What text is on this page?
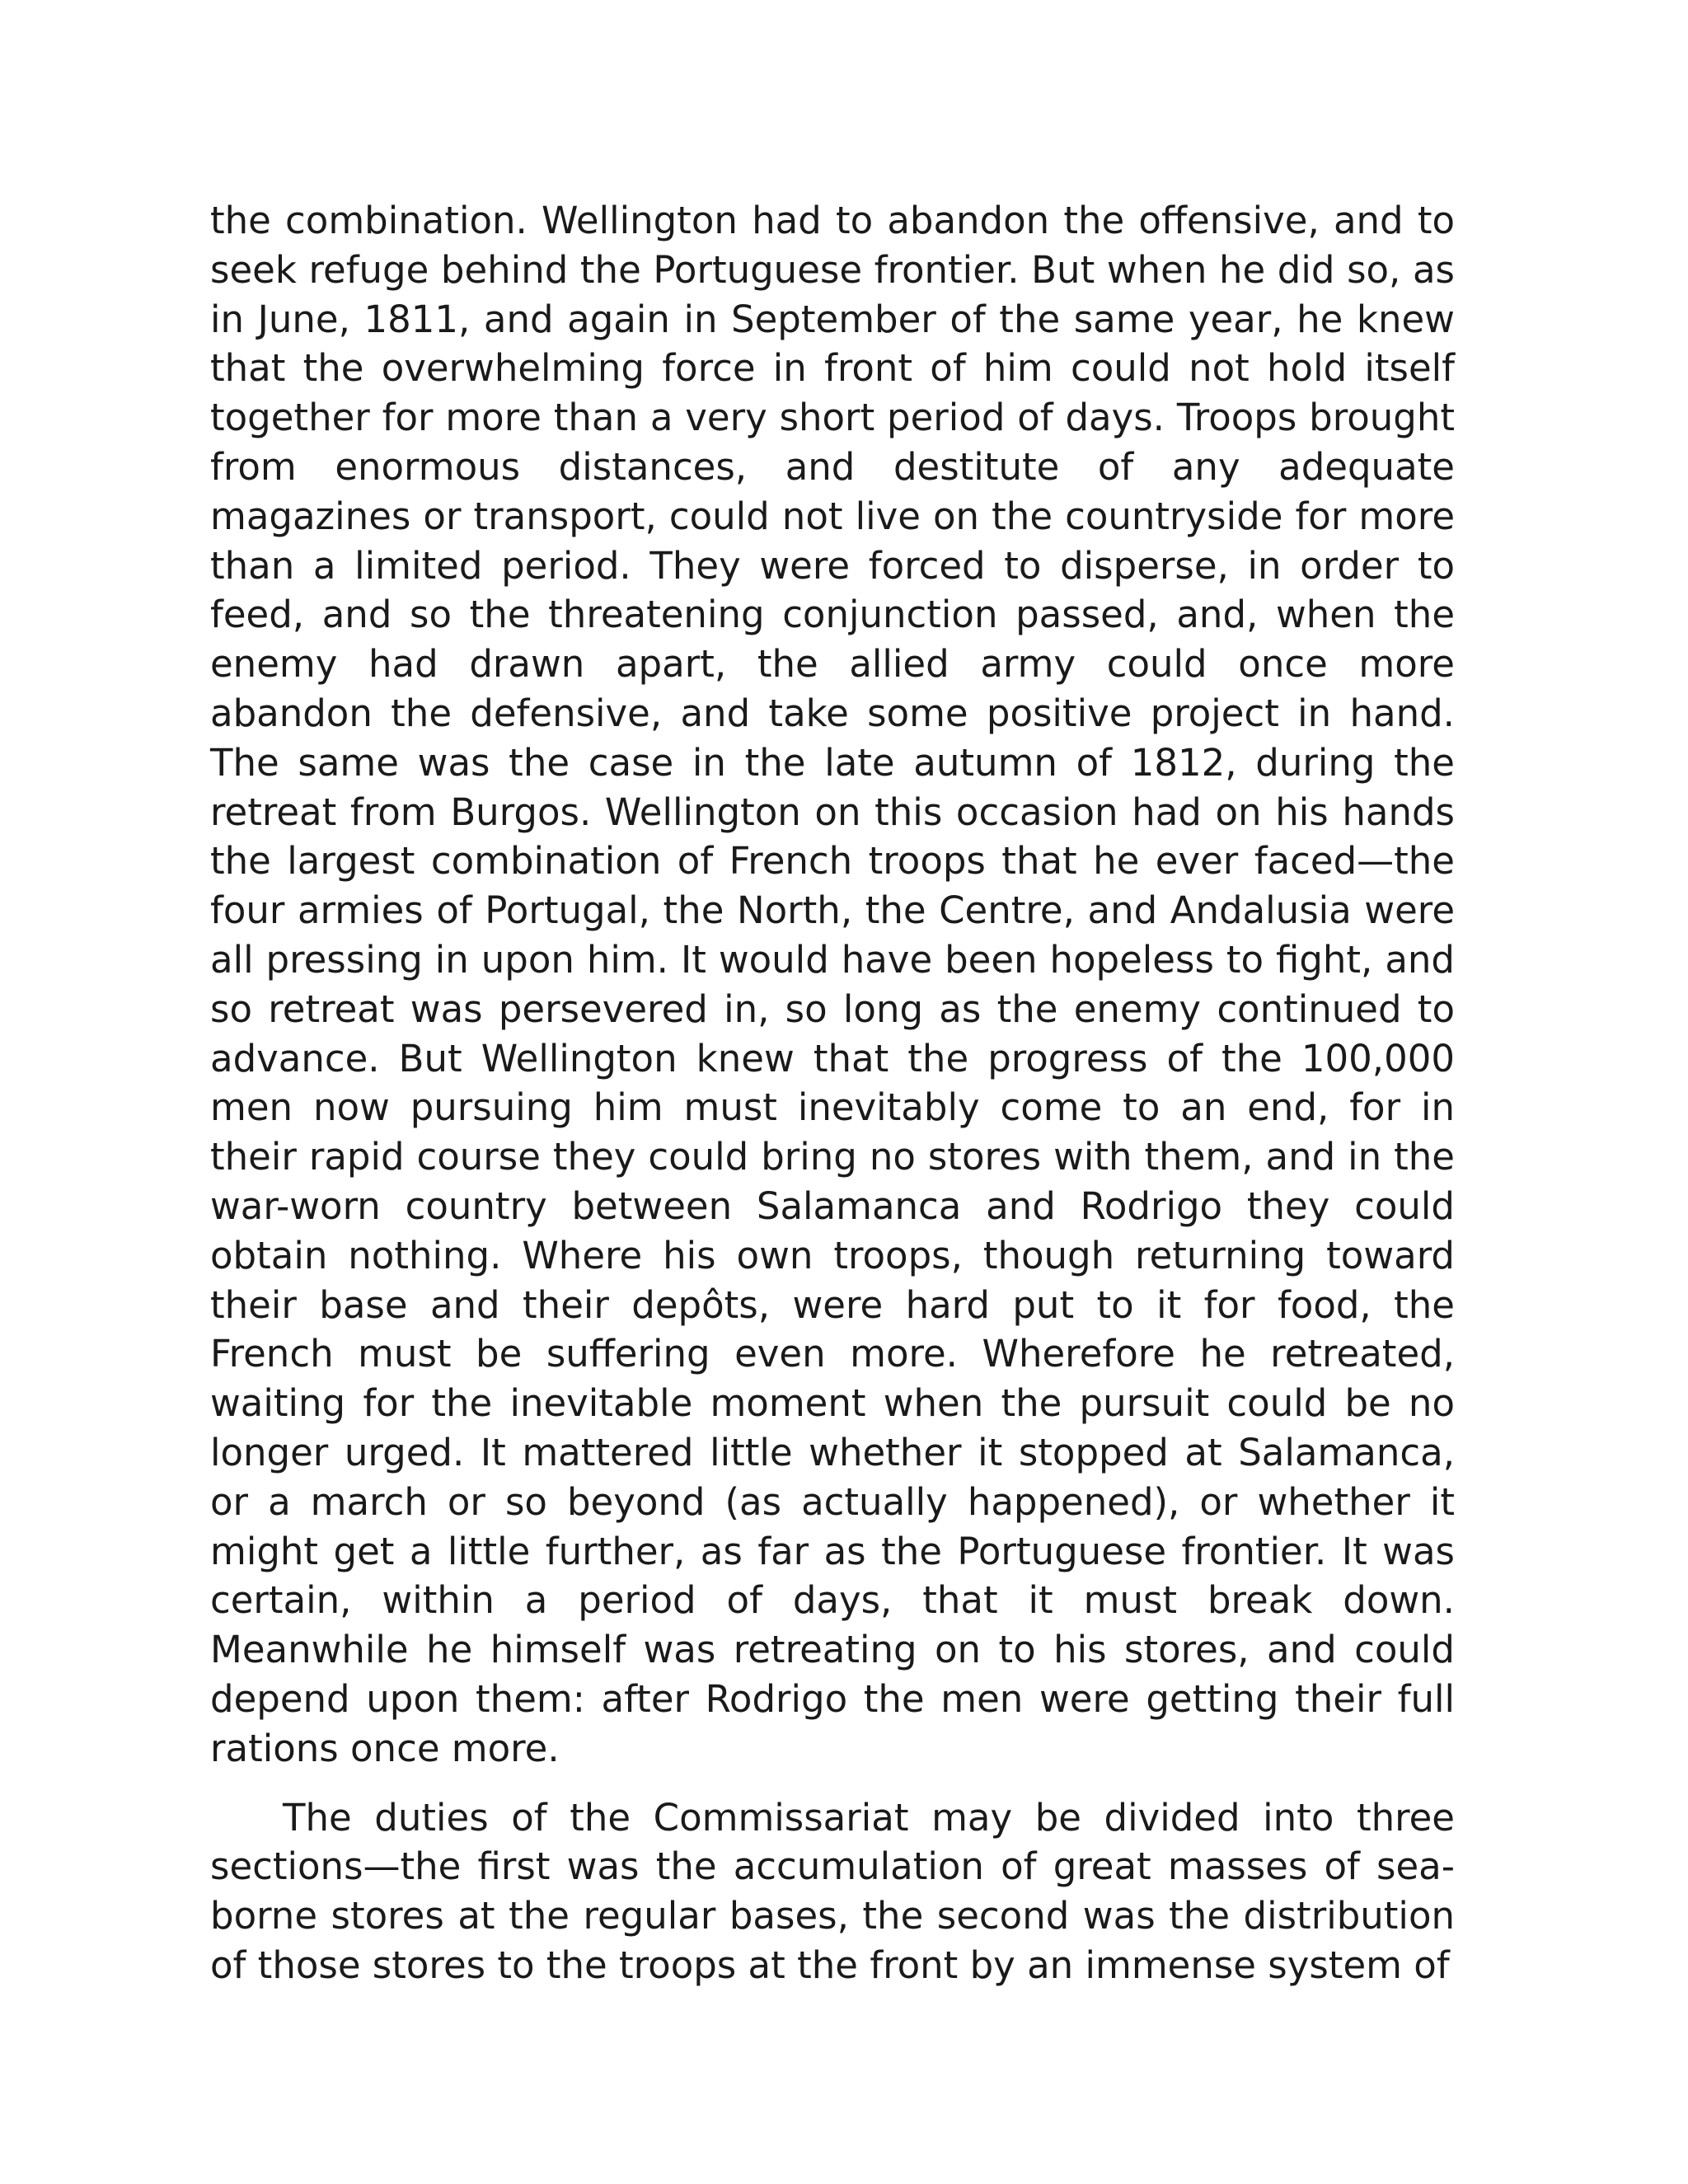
the combination. Wellington had to abandon the offensive, and to seek refuge behind the Portuguese frontier. But when he did so, as in June, 1811, and again in September of the same year, he knew that the overwhelming force in front of him could not hold itself together for more than a very short period of days. Troops brought from enormous distances, and destitute of any adequate magazines or transport, could not live on the countryside for more than a limited period. They were forced to disperse, in order to feed, and so the threatening conjunction passed, and, when the enemy had drawn apart, the allied army could once more abandon the defensive, and take some positive project in hand. The same was the case in the late autumn of 1812, during the retreat from Burgos. Wellington on this occasion had on his hands the largest combination of French troops that he ever faced—the four armies of Portugal, the North, the Centre, and Andalusia were all pressing in upon him. It would have been hopeless to fight, and so retreat was persevered in, so long as the enemy continued to advance. But Wellington knew that the progress of the 100,000 men now pursuing him must inevitably come to an end, for in their rapid course they could bring no stores with them, and in the war-worn country between Salamanca and Rodrigo they could obtain nothing. Where his own troops, though returning toward their base and their depôts, were hard put to it for food, the French must be suffering even more. Wherefore he retreated, waiting for the inevitable moment when the pursuit could be no longer urged. It mattered little whether it stopped at Salamanca, or a march or so beyond (as actually happened), or whether it might get a little further, as far as the Portuguese frontier. It was certain, within a period of days, that it must break down. Meanwhile he himself was retreating on to his stores, and could depend upon them: after Rodrigo the men were getting their full rations once more.

The duties of the Commissariat may be divided into three sections—the first was the accumulation of great masses of sea-borne stores at the regular bases, the second was the distribution of those stores to the troops at the front by an immense system of
